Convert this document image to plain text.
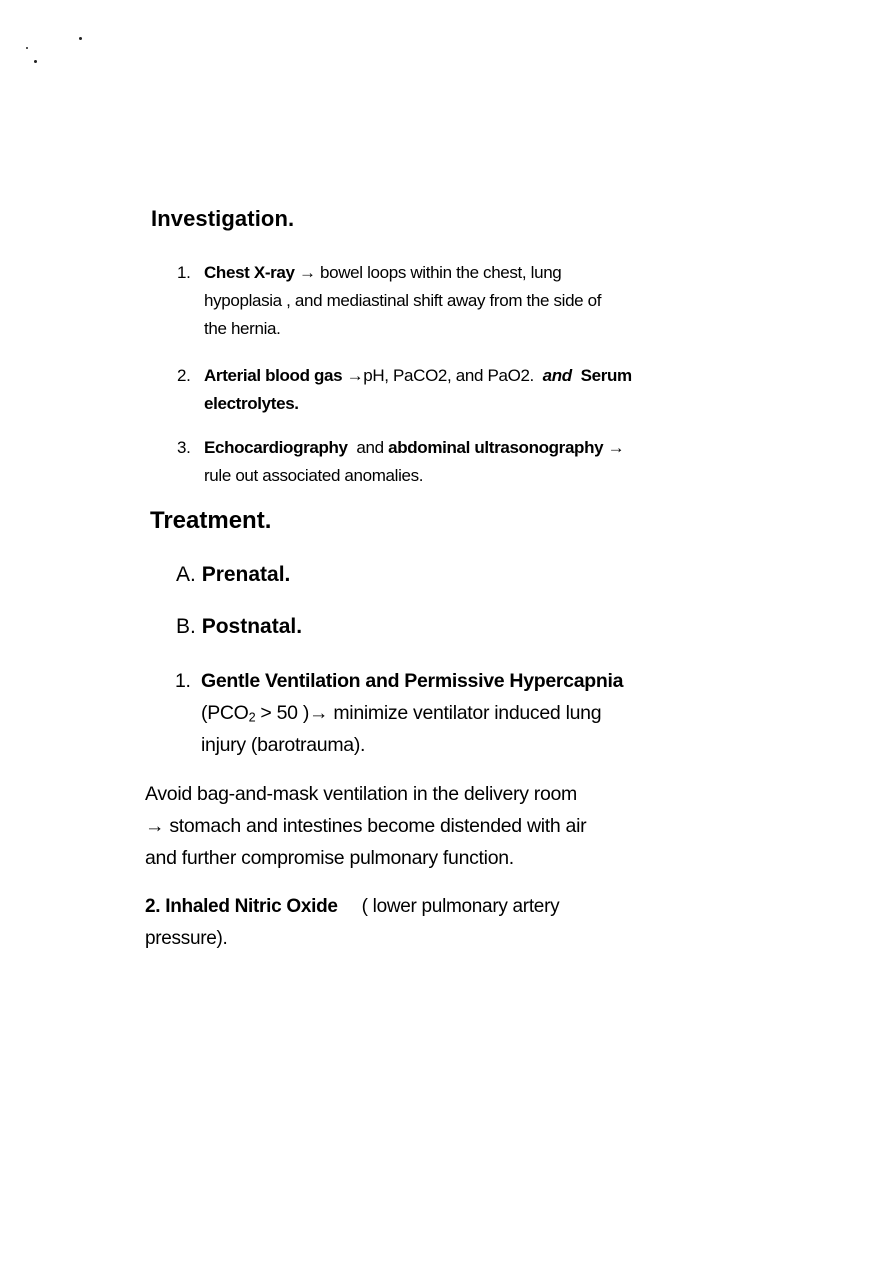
Investigation.
1. Chest X-ray → bowel loops within the chest, lung
hypoplasia , and mediastinal shift away from the side of
the hernia.
2. Arterial blood gas →pH, PaCO2, and PaO2. and Serum
electrolytes.
3. Echocardiography and abdominal ultrasonography →
rule out associated anomalies.
Treatment.
A. Prenatal.
B. Postnatal.
1. Gentle Ventilation and Permissive Hypercapnia
($PCO_2 > 50$ )→ minimize ventilator induced lung
injury (barotrauma).
Avoid bag-and-mask ventilation in the delivery room
→ stomach and intestines become distended with air
and further compromise pulmonary function.
2. Inhaled Nitric Oxide ( lower pulmonary artery
pressure).
